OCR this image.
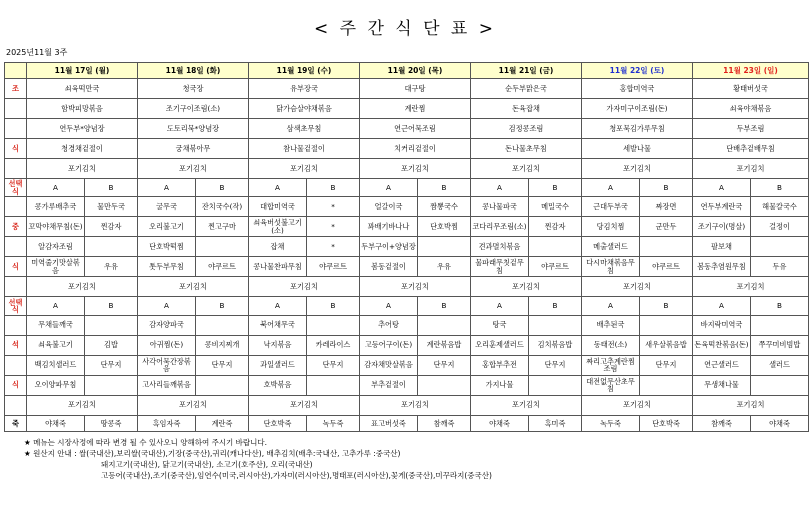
< 주 간 식 단 표 >
2025년11월 3주
	11월 17일 (월)		11월 18일 (화)		11월 19일 (수)		11월 20일 (목)		11월 21일 (금)		11월 22일 (토)		11월 23일 (일)	
조	쇠육떡만국		청국장		유부장국		대구탕		순두부맑은국		홍합미역국		황태버섯국	
	함박피망볶음		조기구이조림(소)		닭가슴살야채볶음		계란찜		돈육잡채		가자미구이조림(돈)		쇠육야채볶음	
	연두부*양념장		도토리묵*양념장		삼색초무침		연근어묵조림		검정콩조림		청포묵김가루무침		두부조림	
식	청경채겉절이		궁채볶아무		참나물겉절이		치커리겉절이		돈나물초무침		세발나물		단배추겉배무침	
	포기김치		포기김치		포기김치		포기김치		포기김치		포기김치		포기김치	
선택식	A	B	A	B	A	B	A	B	A	B	A	B	A	B
	콩가루배추국	물만두국	굴무국	잔치국수(작)	대합미역국	*	얼갈이국	짬뽕국수	콩나물파국	메밀국수	근대두부국	짜장면	연두부계란국	해물칼국수
중	꼬막야채무침(돈)	찐감자	오리불고기	찐고구마	쇠육버섯불고기(소)	*	꽈배기바나나	단호박찜	코다리무조림(소)	찐감자	당김치찜	군만두	조기구이(명살)	걸정이
	알감자조림		단호박떡찜		잡채	*	두부구이+양념장		견과멸치볶음		메출샐러드		팔보채	
식	미역줄기맛살볶음	우유	톳두부무침	야쿠르트	콩나물찬파무침	야쿠르트	봄동겉절이	우유	물파래무칫겉무침	야쿠르트	다시마채볶음무침	야쿠르트	봄동추염원무침	두유
	포기김치		포기김치		포기김치		포기김치		포기김치		포기김치		포기김치	
선택식	A	B	A	B	A	B	A	B	A	B	A	B	A	B
	무채들깨국		감자양파국		북어채무국		추어탕		탕국		배추된국		바지락미역국	
석	쇠육불고기	김밥	아귀찜(돈)	콩비지찌개	낙지볶음	카레라이스	고등어구이(돈)	계란볶음밥	오리훈제샐러드	김치볶음밥	동태전(소)	새우살볶음밥	돈육떡찬볶음(돈)	쭈꾸미비빔밥
	백김치샐러드	단무지	사각어묵간장볶음	단무지	과일샐러드	단무지	감자채맛살볶음	단무지	홍합부추전	단무지	짜리고추계란찜조림	단무지	연근샐러드	샐러드
식	오이양파무침		고사리들깨볶음		호박볶음		부추겉절이		가지나물		대전없무산초무침		무생채나물	
	포기김치		포기김치		포기김치		포기김치		포기김치		포기김치		포기김치	
죽	야채죽	땅콩죽	흑임자죽	계란죽	단호박죽	녹두죽	표고버섯죽	참깨죽	야채죽	흑미죽	녹두죽	단호박죽	참깨죽	야채죽
★ 메뉴는 시장사정에 따라 변경 될 수 있사오니 양해하여 주시기 바랍니다.
★ 원산지 안내 : 쌀(국내산),보리쌀(국내산),기장(중국산),귀리(캐나다산), 배추김치(배추:국내산, 고추가루 :중국산)
돼지고기(국내산), 닭고기(국내산), 소고기(호주산), 오리(국내산)
고등어(국내산),조기(중국산),임연수(미국,러시아산),가자미(러시아산),명태포(러시아산),꽃게(중국산),미꾸라지(중국산)
